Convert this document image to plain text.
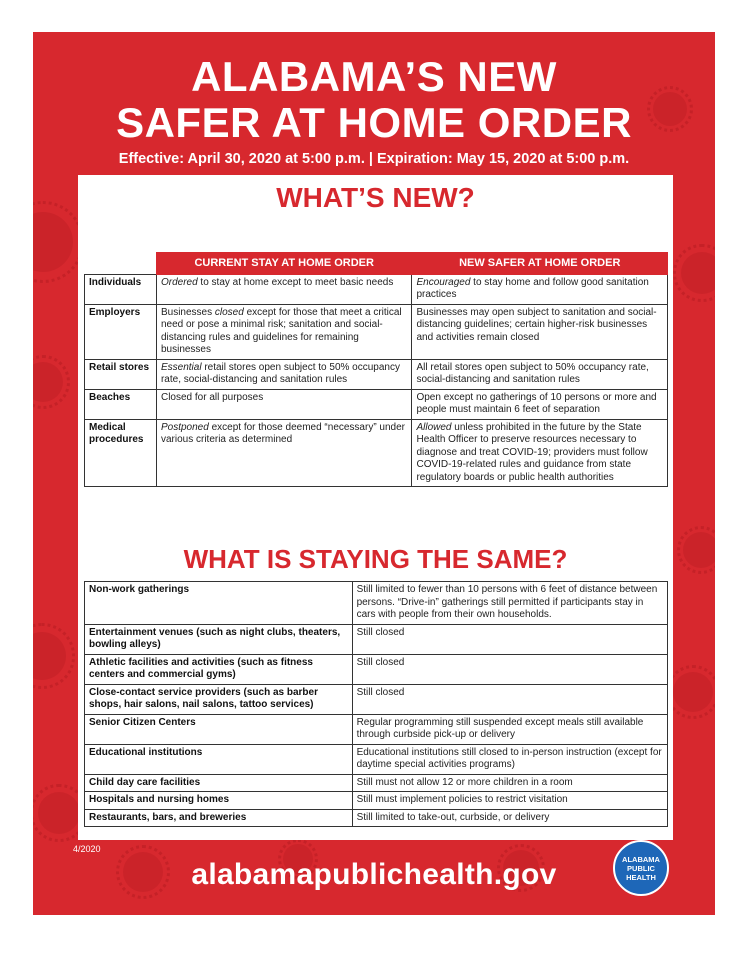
ALABAMA’S NEW
SAFER AT HOME ORDER
Effective: April 30, 2020 at 5:00 p.m. | Expiration: May 15, 2020 at 5:00 p.m.
WHAT’S NEW?
	CURRENT STAY AT HOME ORDER	NEW SAFER AT HOME ORDER
Individuals	Ordered to stay at home except to meet basic needs	Encouraged to stay home and follow good sanitation practices
Employers	Businesses closed except for those that meet a critical need or pose a minimal risk; sanitation and social-distancing rules and guidelines for remaining businesses	Businesses may open subject to sanitation and social-distancing guidelines; certain higher-risk businesses and activities remain closed
Retail stores	Essential retail stores open subject to 50% occupancy rate, social-distancing and sanitation rules	All retail stores open subject to 50% occupancy rate, social-distancing and sanitation rules
Beaches	Closed for all purposes	Open except no gatherings of 10 persons or more and people must maintain 6 feet of separation
Medical procedures	Postponed except for those deemed “necessary” under various criteria as determined	Allowed unless prohibited in the future by the State Health Officer to preserve resources necessary to diagnose and treat COVID-19; providers must follow COVID-19-related rules and guidance from state regulatory boards or public health authorities
WHAT IS STAYING THE SAME?
Non-work gatherings	Still limited to fewer than 10 persons with 6 feet of distance between persons. “Drive-in” gatherings still permitted if participants stay in cars with people from their own households.
Entertainment venues (such as night clubs, theaters, bowling alleys)	Still closed
Athletic facilities and activities (such as fitness centers and commercial gyms)	Still closed
Close-contact service providers (such as barber shops, hair salons, nail salons, tattoo services)	Still closed
Senior Citizen Centers	Regular programming still suspended except meals still available through curbside pick-up or delivery
Educational institutions	Educational institutions still closed to in-person instruction (except for daytime special activities programs)
Child day care facilities	Still must not allow 12 or more children in a room
Hospitals and nursing homes	Still must implement policies to restrict visitation
Restaurants, bars, and breweries	Still limited to take-out, curbside, or delivery
4/2020
alabamapublichealth.gov	ALABAMA
PUBLIC
HEALTH
